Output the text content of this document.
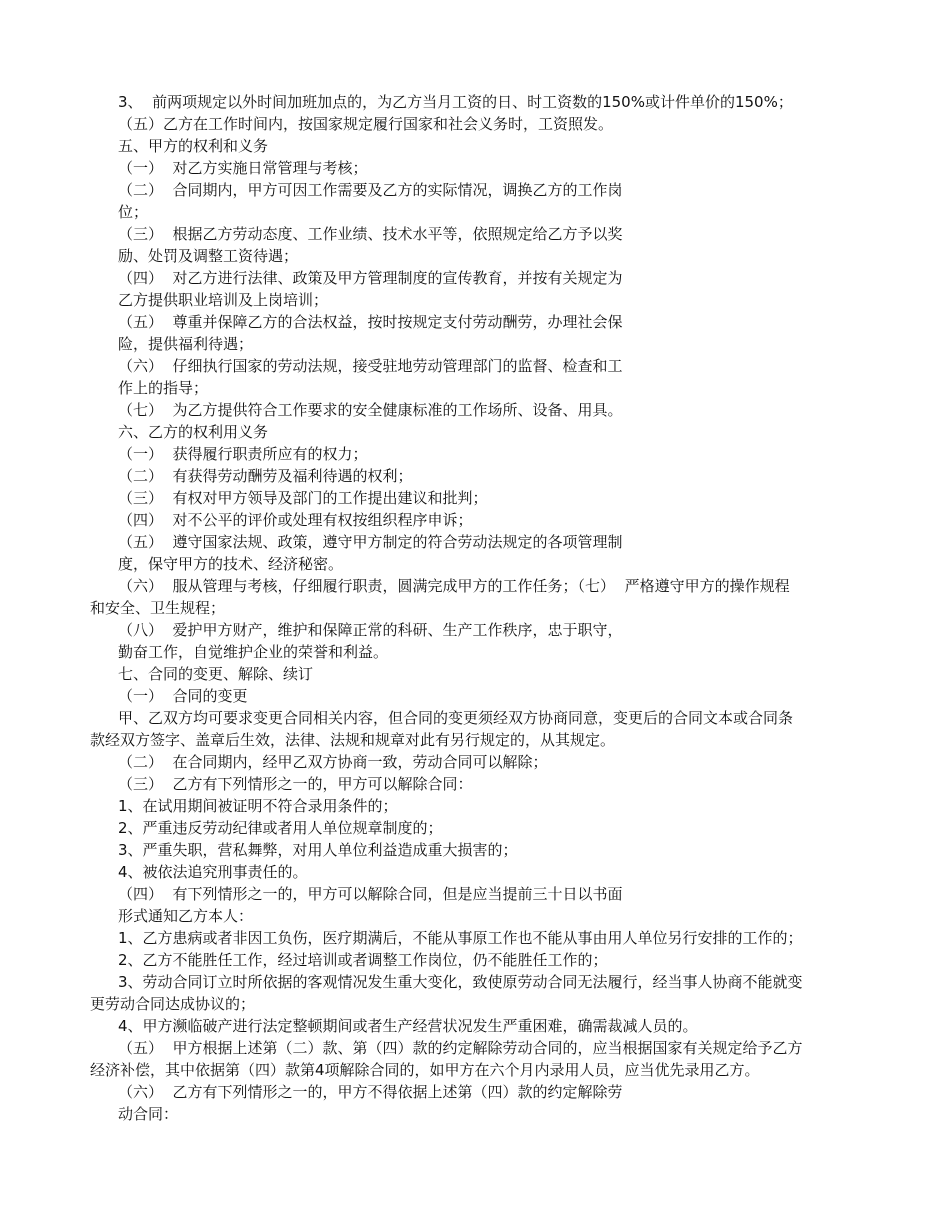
3、  前两项规定以外时间加班加点的，为乙方当月工资的日、时工资数的150%或计件单价的150%；
（五）乙方在工作时间内，按国家规定履行国家和社会义务时，工资照发。
五、甲方的权利和义务
（一）  对乙方实施日常管理与考核；
（二）  合同期内，甲方可因工作需要及乙方的实际情况，调换乙方的工作岗
位；
（三）  根据乙方劳动态度、工作业绩、技术水平等，依照规定给乙方予以奖
励、处罚及调整工资待遇；
（四）  对乙方进行法律、政策及甲方管理制度的宣传教育，并按有关规定为
乙方提供职业培训及上岗培训；
（五）  尊重并保障乙方的合法权益，按时按规定支付劳动酬劳，办理社会保
险，提供福利待遇；
（六）  仔细执行国家的劳动法规，接受驻地劳动管理部门的监督、检查和工
作上的指导；
（七）  为乙方提供符合工作要求的安全健康标准的工作场所、设备、用具。
六、乙方的权利用义务
（一）  获得履行职责所应有的权力；
（二）  有获得劳动酬劳及福利待遇的权利；
（三）  有权对甲方领导及部门的工作提出建议和批判；
（四）  对不公平的评价或处理有权按组织程序申诉；
（五）  遵守国家法规、政策，遵守甲方制定的符合劳动法规定的各项管理制
度，保守甲方的技术、经济秘密。
（六）  服从管理与考核，仔细履行职责，圆满完成甲方的工作任务；（七）  严格遵守甲方的操作规程
和安全、卫生规程；
（八）  爱护甲方财产，维护和保障正常的科研、生产工作秩序，忠于职守，
勤奋工作，自觉维护企业的荣誉和利益。
七、合同的变更、解除、续订
（一）  合同的变更
甲、乙双方均可要求变更合同相关内容，但合同的变更须经双方协商同意，变更后的合同文本或合同条
款经双方签字、盖章后生效，法律、法规和规章对此有另行规定的，从其规定。
（二）  在合同期内，经甲乙双方协商一致，劳动合同可以解除；
（三）  乙方有下列情形之一的，甲方可以解除合同：
1、在试用期间被证明不符合录用条件的；
2、严重违反劳动纪律或者用人单位规章制度的；
3、严重失职，营私舞弊，对用人单位利益造成重大损害的；
4、被依法追究刑事责任的。
（四）  有下列情形之一的，甲方可以解除合同，但是应当提前三十日以书面
形式通知乙方本人：
1、乙方患病或者非因工负伤，医疗期满后，不能从事原工作也不能从事由用人单位另行安排的工作的；
2、乙方不能胜任工作，经过培训或者调整工作岗位，仍不能胜任工作的；
3、劳动合同订立时所依据的客观情况发生重大变化，致使原劳动合同无法履行，经当事人协商不能就变
更劳动合同达成协议的；
4、甲方濒临破产进行法定整顿期间或者生产经营状况发生严重困难，确需裁减人员的。
（五）  甲方根据上述第（二）款、第（四）款的约定解除劳动合同的，应当根据国家有关规定给予乙方
经济补偿，其中依据第（四）款第4项解除合同的，如甲方在六个月内录用人员，应当优先录用乙方。
（六）  乙方有下列情形之一的，甲方不得依据上述第（四）款的约定解除劳
动合同：
